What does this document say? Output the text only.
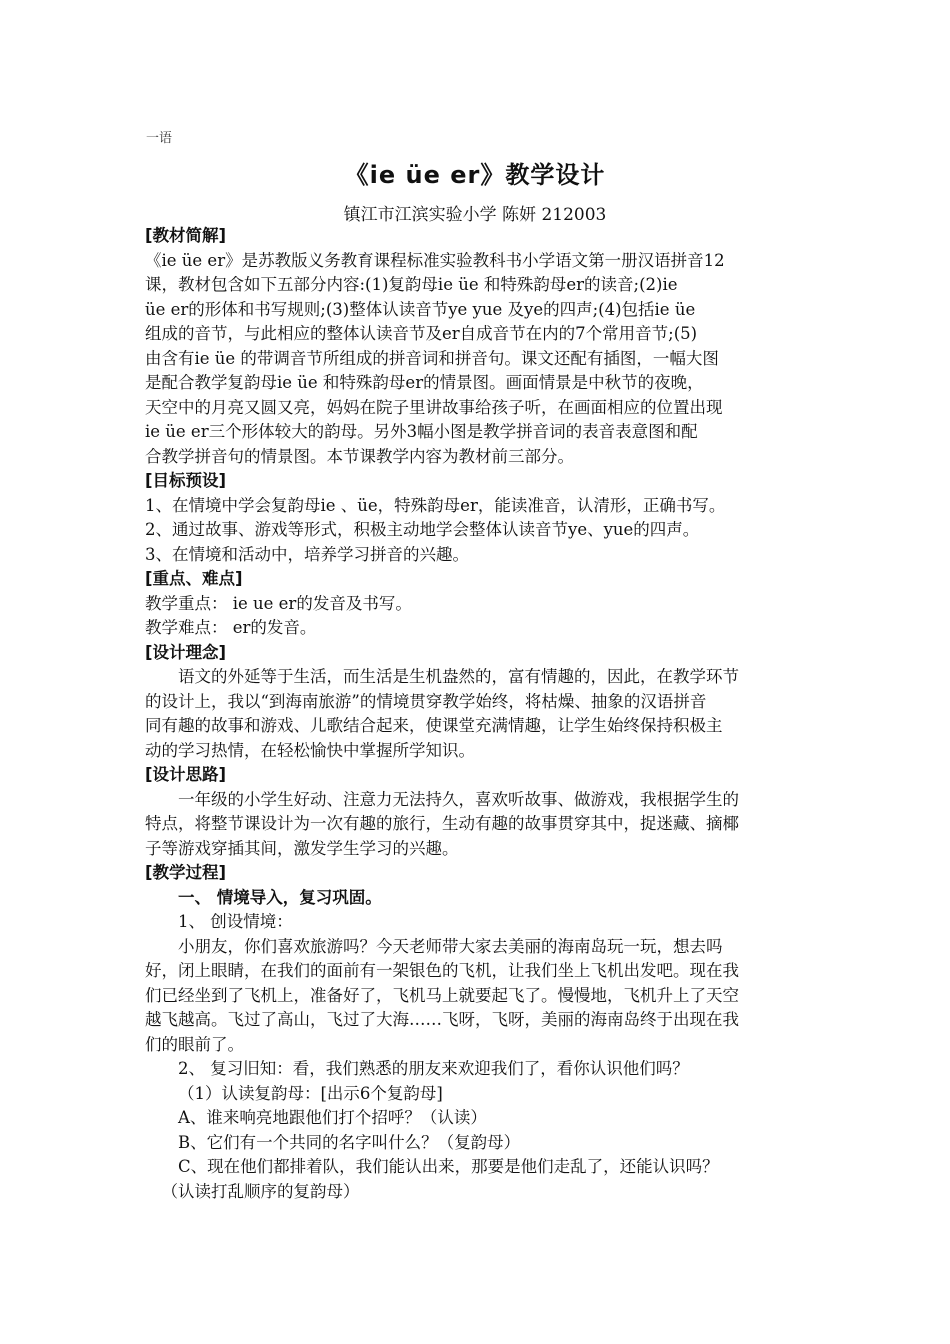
一语
《ie üe er》教学设计
镇江市江滨实验小学 陈妍 212003

[教材简解]

《ie üe er》是苏教版义务教育课程标准实验教科书小学语文第一册汉语拼音12

课，教材包含如下五部分内容:(1)复韵母ie üe 和特殊韵母er的读音;(2)ie

üe er的形体和书写规则;(3)整体认读音节ye yue 及ye的四声;(4)包括ie üe

组成的音节，与此相应的整体认读音节及er自成音节在内的7个常用音节;(5)

由含有ie üe 的带调音节所组成的拼音词和拼音句。课文还配有插图，一幅大图

是配合教学复韵母ie üe 和特殊韵母er的情景图。画面情景是中秋节的夜晚，

天空中的月亮又圆又亮，妈妈在院子里讲故事给孩子听，在画面相应的位置出现

ie üe er三个形体较大的韵母。另外3幅小图是教学拼音词的表音表意图和配

合教学拼音句的情景图。本节课教学内容为教材前三部分。

[目标预设]

1、在情境中学会复韵母ie 、üe，特殊韵母er，能读准音，认清形，正确书写。

2、通过故事、游戏等形式，积极主动地学会整体认读音节ye、yue的四声。

3、在情境和活动中，培养学习拼音的兴趣。

[重点、难点]

教学重点： ie ue er的发音及书写。

教学难点： er的发音。

[设计理念]

语文的外延等于生活，而生活是生机盎然的，富有情趣的，因此，在教学环节

的设计上，我以“到海南旅游”的情境贯穿教学始终，将枯燥、抽象的汉语拼音

同有趣的故事和游戏、儿歌结合起来，使课堂充满情趣，让学生始终保持积极主

动的学习热情，在轻松愉快中掌握所学知识。

[设计思路]

一年级的小学生好动、注意力无法持久，喜欢听故事、做游戏，我根据学生的

特点，将整节课设计为一次有趣的旅行，生动有趣的故事贯穿其中，捉迷藏、摘椰

子等游戏穿插其间，激发学生学习的兴趣。

[教学过程]

一、 情境导入，复习巩固。

1、 创设情境：

小朋友，你们喜欢旅游吗？今天老师带大家去美丽的海南岛玩一玩，想去吗

好，闭上眼睛，在我们的面前有一架银色的飞机，让我们坐上飞机出发吧。现在我

们已经坐到了飞机上，准备好了，飞机马上就要起飞了。慢慢地，飞机升上了天空

越飞越高。飞过了高山，飞过了大海……飞呀，飞呀，美丽的海南岛终于出现在我

们的眼前了。

2、 复习旧知：看，我们熟悉的朋友来欢迎我们了，看你认识他们吗？

（1）认读复韵母：[出示6个复韵母]

A、谁来响亮地跟他们打个招呼？（认读）

B、它们有一个共同的名字叫什么？（复韵母）

C、现在他们都排着队，我们能认出来，那要是他们走乱了，还能认识吗？

（认读打乱顺序的复韵母）
